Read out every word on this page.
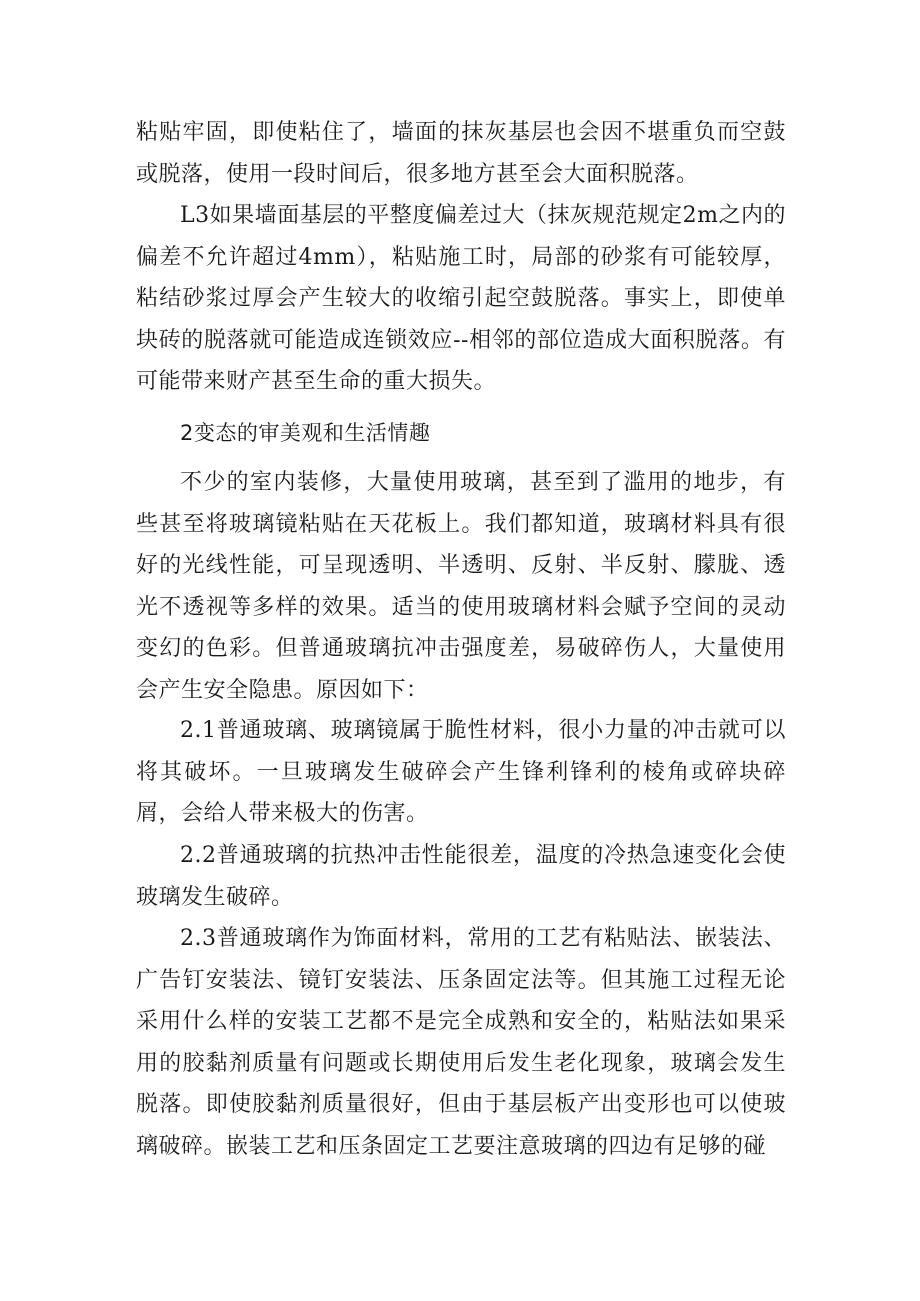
粘贴牢固，即使粘住了，墙面的抹灰基层也会因不堪重负而空鼓或脱落，使用一段时间后，很多地方甚至会大面积脱落。

L3如果墙面基层的平整度偏差过大（抹灰规范规定2m之内的偏差不允许超过4mm），粘贴施工时，局部的砂浆有可能较厚，粘结砂浆过厚会产生较大的收缩引起空鼓脱落。事实上，即使单块砖的脱落就可能造成连锁效应--相邻的部位造成大面积脱落。有可能带来财产甚至生命的重大损失。

2变态的审美观和生活情趣

不少的室内装修，大量使用玻璃，甚至到了滥用的地步，有些甚至将玻璃镜粘贴在天花板上。我们都知道，玻璃材料具有很好的光线性能，可呈现透明、半透明、反射、半反射、朦胧、透光不透视等多样的效果。适当的使用玻璃材料会赋予空间的灵动变幻的色彩。但普通玻璃抗冲击强度差，易破碎伤人，大量使用会产生安全隐患。原因如下：

2.1普通玻璃、玻璃镜属于脆性材料，很小力量的冲击就可以将其破坏。一旦玻璃发生破碎会产生锋利锋利的棱角或碎块碎屑，会给人带来极大的伤害。

2.2普通玻璃的抗热冲击性能很差，温度的冷热急速变化会使玻璃发生破碎。

2.3普通玻璃作为饰面材料，常用的工艺有粘贴法、嵌装法、广告钉安装法、镜钉安装法、压条固定法等。但其施工过程无论采用什么样的安装工艺都不是完全成熟和安全的，粘贴法如果采用的胶黏剂质量有问题或长期使用后发生老化现象，玻璃会发生脱落。即使胶黏剂质量很好，但由于基层板产出变形也可以使玻璃破碎。嵌装工艺和压条固定工艺要注意玻璃的四边有足够的碰
